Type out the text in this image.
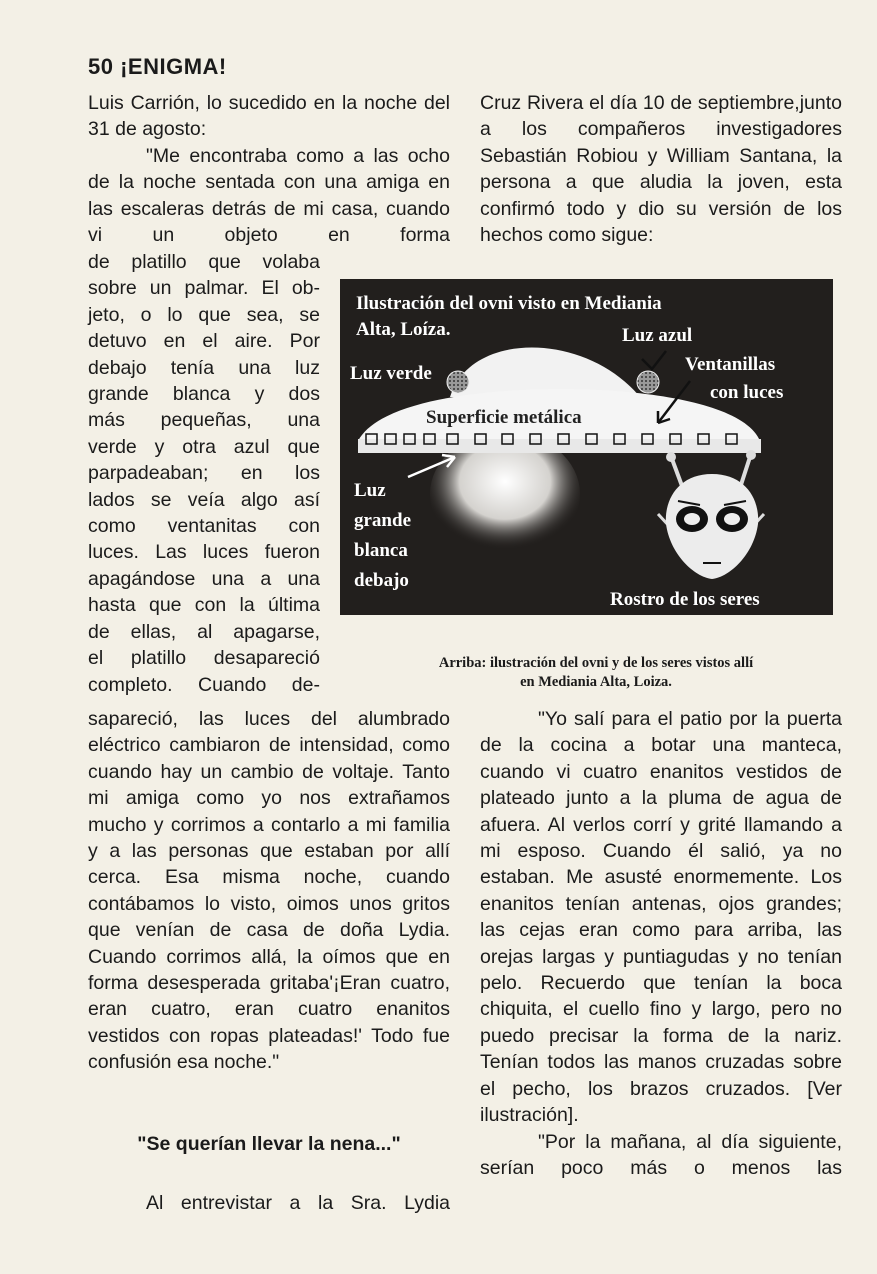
50 ¡ENIGMA!

Luis Carrión, lo sucedido en la noche del 31 de agosto:

"Me encontraba como a las ocho de la noche sentada con una amiga en las escaleras detrás de mi casa, cuando vi un objeto en forma

de platillo que volaba
sobre un palmar. El ob-
jeto, o lo que sea, se
detuvo en el aire. Por
debajo tenía una luz
grande blanca y dos
más pequeñas, una
verde y otra azul que
parpadeaban; en los
lados se veía algo así
como ventanitas con
luces. Las luces fueron
apagándose una a una
hasta que con la última
de ellas, al apagarse,
el platillo desapareció
completo. Cuando de-

sapareció, las luces del alumbrado eléctrico cambiaron de intensidad, como cuando hay un cambio de voltaje. Tanto mi amiga como yo nos extrañamos mucho y corrimos a contarlo a mi familia y a las personas que estaban por allí cerca. Esa misma noche, cuando contábamos lo visto, oimos unos gritos que venían de casa de doña Lydia. Cuando corrimos allá, la oímos que en forma desesperada gritaba'¡Eran cuatro, eran cuatro, eran cuatro enanitos vestidos con ropas plateadas!' Todo fue confusión esa noche."

"Se querían llevar la nena..."

Al entrevistar a la Sra. Lydia

Cruz Rivera el día 10 de septiembre,junto a los compañeros investigadores Sebastián Robiou y William Santana, la persona a que aludia la joven, esta confirmó todo y dio su versión de los hechos como sigue:

"Yo salí para el patio por la puerta de la cocina a botar una manteca, cuando vi cuatro enanitos vestidos de plateado junto a la pluma de agua de afuera. Al verlos corrí y grité llamando a mi esposo. Cuando él salió, ya no estaban. Me asusté enormemente. Los enanitos tenían antenas, ojos grandes; las cejas eran como para arriba, las orejas largas y puntiagudas y no tenían pelo. Recuerdo que tenían la boca chiquita, el cuello fino y largo, pero no puedo precisar la forma de la nariz. Tenían todos las manos cruzadas sobre el pecho, los brazos cruzados. [Ver ilustración].

"Por la mañana, al día siguiente, serían poco más o menos las

Ilustración del ovni visto en Mediania
Alta, Loíza.	Luz azul
Luz verde	Ventanillas
con luces
Superficie metálica
Luz
grande
blanca
debajo
Rostro de los seres
Arriba: ilustración del ovni y de los seres vistos allí
en Mediania Alta, Loiza.
